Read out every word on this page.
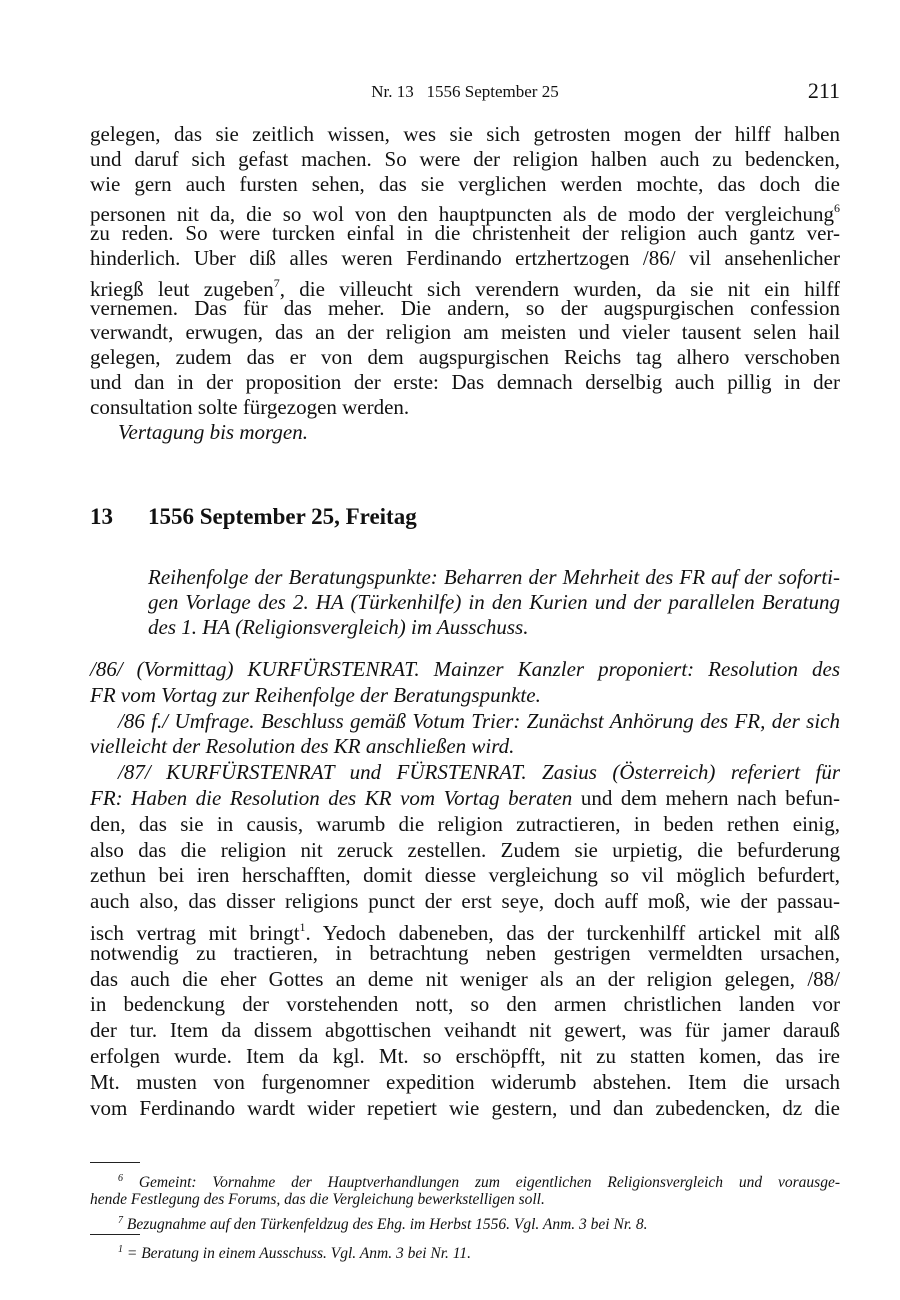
Nr. 13   1556 September 25	211
gelegen, das sie zeitlich wissen, wes sie sich getrosten mogen der hilff halben
und daruf sich gefast machen. So were der religion halben auch zu bedencken,
wie gern auch fursten sehen, das sie verglichen werden mochte, das doch die
personen nit da, die so wol von den hauptpuncten als de modo der vergleichung$^6$
zu reden. So were turcken einfal in die christenheit der religion auch gantz ver-
hinderlich. Uber diß alles weren Ferdinando ertzhertzogen /86/ vil ansehenlicher
kriegß leut zugeben$^7$, die villeucht sich verendern wurden, da sie nit ein hilff
vernemen. Das für das meher. Die andern, so der augspurgischen confession
verwandt, erwugen, das an der religion am meisten und vieler tausent selen hail
gelegen, zudem das er von dem augspurgischen Reichs tag alhero verschoben
und dan in der proposition der erste: Das demnach derselbig auch pillig in der
consultation solte fürgezogen werden.
Vertagung bis morgen.
13 1556 September 25, Freitag
Reihenfolge der Beratungspunkte: Beharren der Mehrheit des FR auf der soforti-
gen Vorlage des 2. HA (Türkenhilfe) in den Kurien und der parallelen Beratung
des 1. HA (Religionsvergleich) im Ausschuss.
/86/ (Vormittag) KURFÜRSTENRAT. Mainzer Kanzler proponiert: Resolution des
FR vom Vortag zur Reihenfolge der Beratungspunkte.
/86 f./ Umfrage. Beschluss gemäß Votum Trier: Zunächst Anhörung des FR, der sich
vielleicht der Resolution des KR anschließen wird.
/87/ KURFÜRSTENRAT und FÜRSTENRAT. Zasius (Österreich) referiert für
FR: Haben die Resolution des KR vom Vortag beraten und dem mehern nach befun-
den, das sie in causis, warumb die religion zutractieren, in beden rethen einig,
also das die religion nit zeruck zestellen. Zudem sie urpietig, die befurderung
zethun bei iren herschafften, domit diesse vergleichung so vil möglich befurdert,
auch also, das disser religions punct der erst seye, doch auff moß, wie der passau-
isch vertrag mit bringt$^1$. Yedoch dabeneben, das der turckenhilff artickel mit alß
notwendig zu tractieren, in betrachtung neben gestrigen vermeldten ursachen,
das auch die eher Gottes an deme nit weniger als an der religion gelegen, /88/
in bedenckung der vorstehenden nott, so den armen christlichen landen vor
der tur. Item da dissem abgottischen veihandt nit gewert, was für jamer darauß
erfolgen wurde. Item da kgl. Mt. so erschöpfft, nit zu statten komen, das ire
Mt. musten von furgenomner expedition widerumb abstehen. Item die ursach
vom Ferdinando wardt wider repetiert wie gestern, und dan zubedencken, dz die
$^6$ Gemeint: Vornahme der Hauptverhandlungen zum eigentlichen Religionsvergleich und vorausge-
hende Festlegung des Forums, das die Vergleichung bewerkstelligen soll.
$^7$ Bezugnahme auf den Türkenfeldzug des Ehg. im Herbst 1556. Vgl. Anm. 3 bei Nr. 8.
$^1$ = Beratung in einem Ausschuss. Vgl. Anm. 3 bei Nr. 11.
